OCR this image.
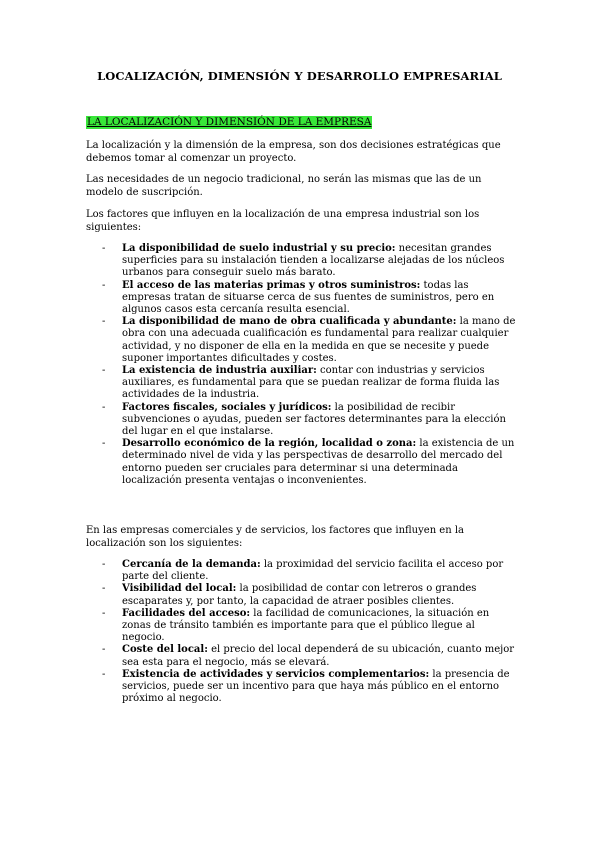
LOCALIZACIÓN, DIMENSIÓN Y DESARROLLO EMPRESARIAL
LA LOCALIZACIÓN Y DIMENSIÓN DE LA EMPRESA

La localización y la dimensión de la empresa, son dos decisiones estratégicas que debemos tomar al comenzar un proyecto.

Las necesidades de un negocio tradicional, no serán las mismas que las de un modelo de suscripción.

Los factores que influyen en la localización de una empresa industrial son los siguientes:

- La disponibilidad de suelo industrial y su precio: necesitan grandes superficies para su instalación tienden a localizarse alejadas de los núcleos urbanos para conseguir suelo más barato.
- El acceso de las materias primas y otros suministros: todas las empresas tratan de situarse cerca de sus fuentes de suministros, pero en algunos casos esta cercanía resulta esencial.
- La disponibilidad de mano de obra cualificada y abundante: la mano de obra con una adecuada cualificación es fundamental para realizar cualquier actividad, y no disponer de ella en la medida en que se necesite y puede suponer importantes dificultades y costes.
- La existencia de industria auxiliar: contar con industrias y servicios auxiliares, es fundamental para que se puedan realizar de forma fluida las actividades de la industria.
- Factores fiscales, sociales y jurídicos: la posibilidad de recibir subvenciones o ayudas, pueden ser factores determinantes para la elección del lugar en el que instalarse.
- Desarrollo económico de la región, localidad o zona: la existencia de un determinado nivel de vida y las perspectivas de desarrollo del mercado del entorno pueden ser cruciales para determinar si una determinada localización presenta ventajas o inconvenientes.

En las empresas comerciales y de servicios, los factores que influyen en la localización son los siguientes:

- Cercanía de la demanda: la proximidad del servicio facilita el acceso por parte del cliente.
- Visibilidad del local: la posibilidad de contar con letreros o grandes escaparates y, por tanto, la capacidad de atraer posibles clientes.
- Facilidades del acceso: la facilidad de comunicaciones, la situación en zonas de tránsito también es importante para que el público llegue al negocio.
- Coste del local: el precio del local dependerá de su ubicación, cuanto mejor sea esta para el negocio, más se elevará.
- Existencia de actividades y servicios complementarios: la presencia de servicios, puede ser un incentivo para que haya más público en el entorno próximo al negocio.
